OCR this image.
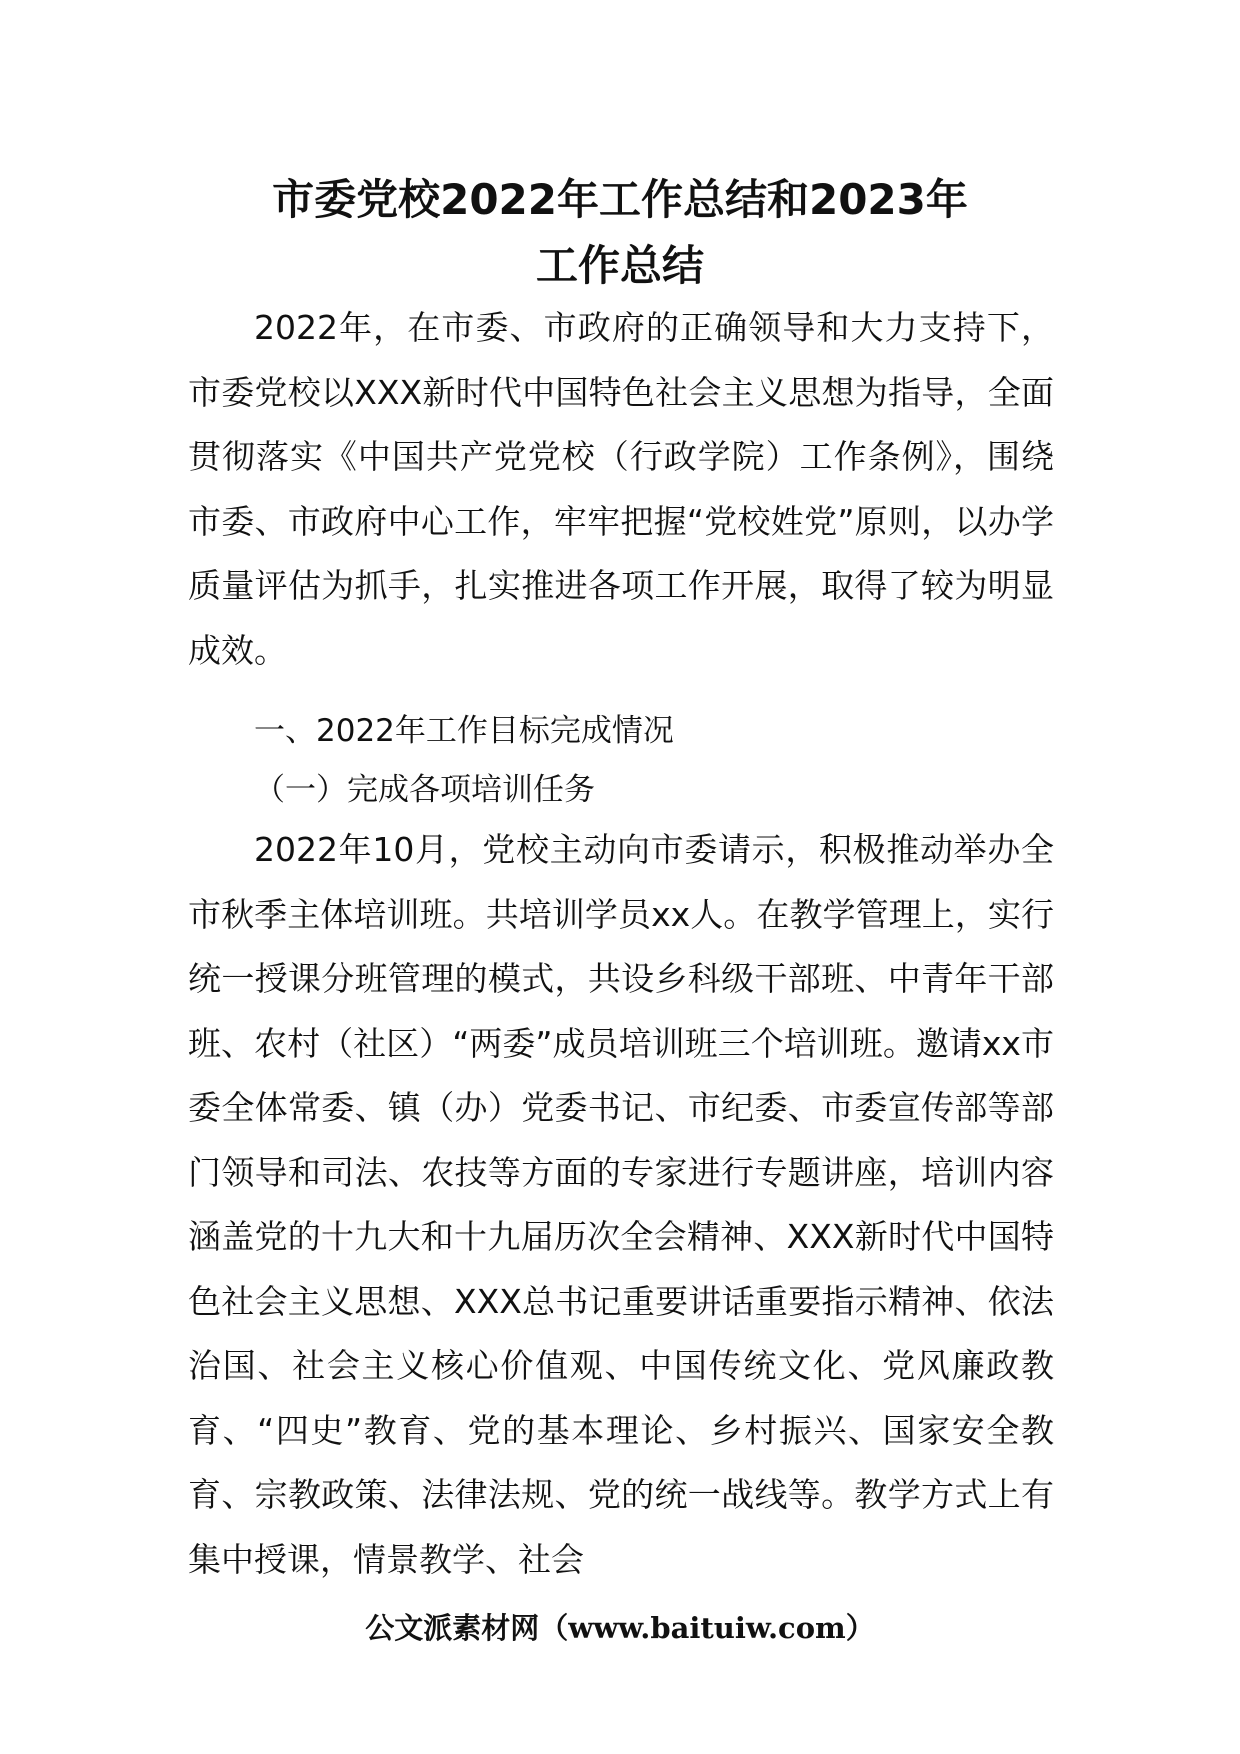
市委党校2022年工作总结和2023年
工作总结

2022年，在市委、市政府的正确领导和大力支持下，市委党校以XXX新时代中国特色社会主义思想为指导，全面贯彻落实《中国共产党党校（行政学院）工作条例》，围绕市委、市政府中心工作，牢牢把握“党校姓党”原则，以办学质量评估为抓手，扎实推进各项工作开展，取得了较为明显成效。

一、2022年工作目标完成情况

（一）完成各项培训任务

2022年10月，党校主动向市委请示，积极推动举办全市秋季主体培训班。共培训学员xx人。在教学管理上，实行统一授课分班管理的模式，共设乡科级干部班、中青年干部班、农村（社区）“两委”成员培训班三个培训班。邀请xx市委全体常委、镇（办）党委书记、市纪委、市委宣传部等部门领导和司法、农技等方面的专家进行专题讲座，培训内容涵盖党的十九大和十九届历次全会精神、XXX新时代中国特色社会主义思想、XXX总书记重要讲话重要指示精神、依法治国、社会主义核心价值观、中国传统文化、党风廉政教育、“四史”教育、党的基本理论、乡村振兴、国家安全教育、宗教政策、法律法规、党的统一战线等。教学方式上有集中授课，情景教学、社会

公文派素材网（www.baituiw.com）
